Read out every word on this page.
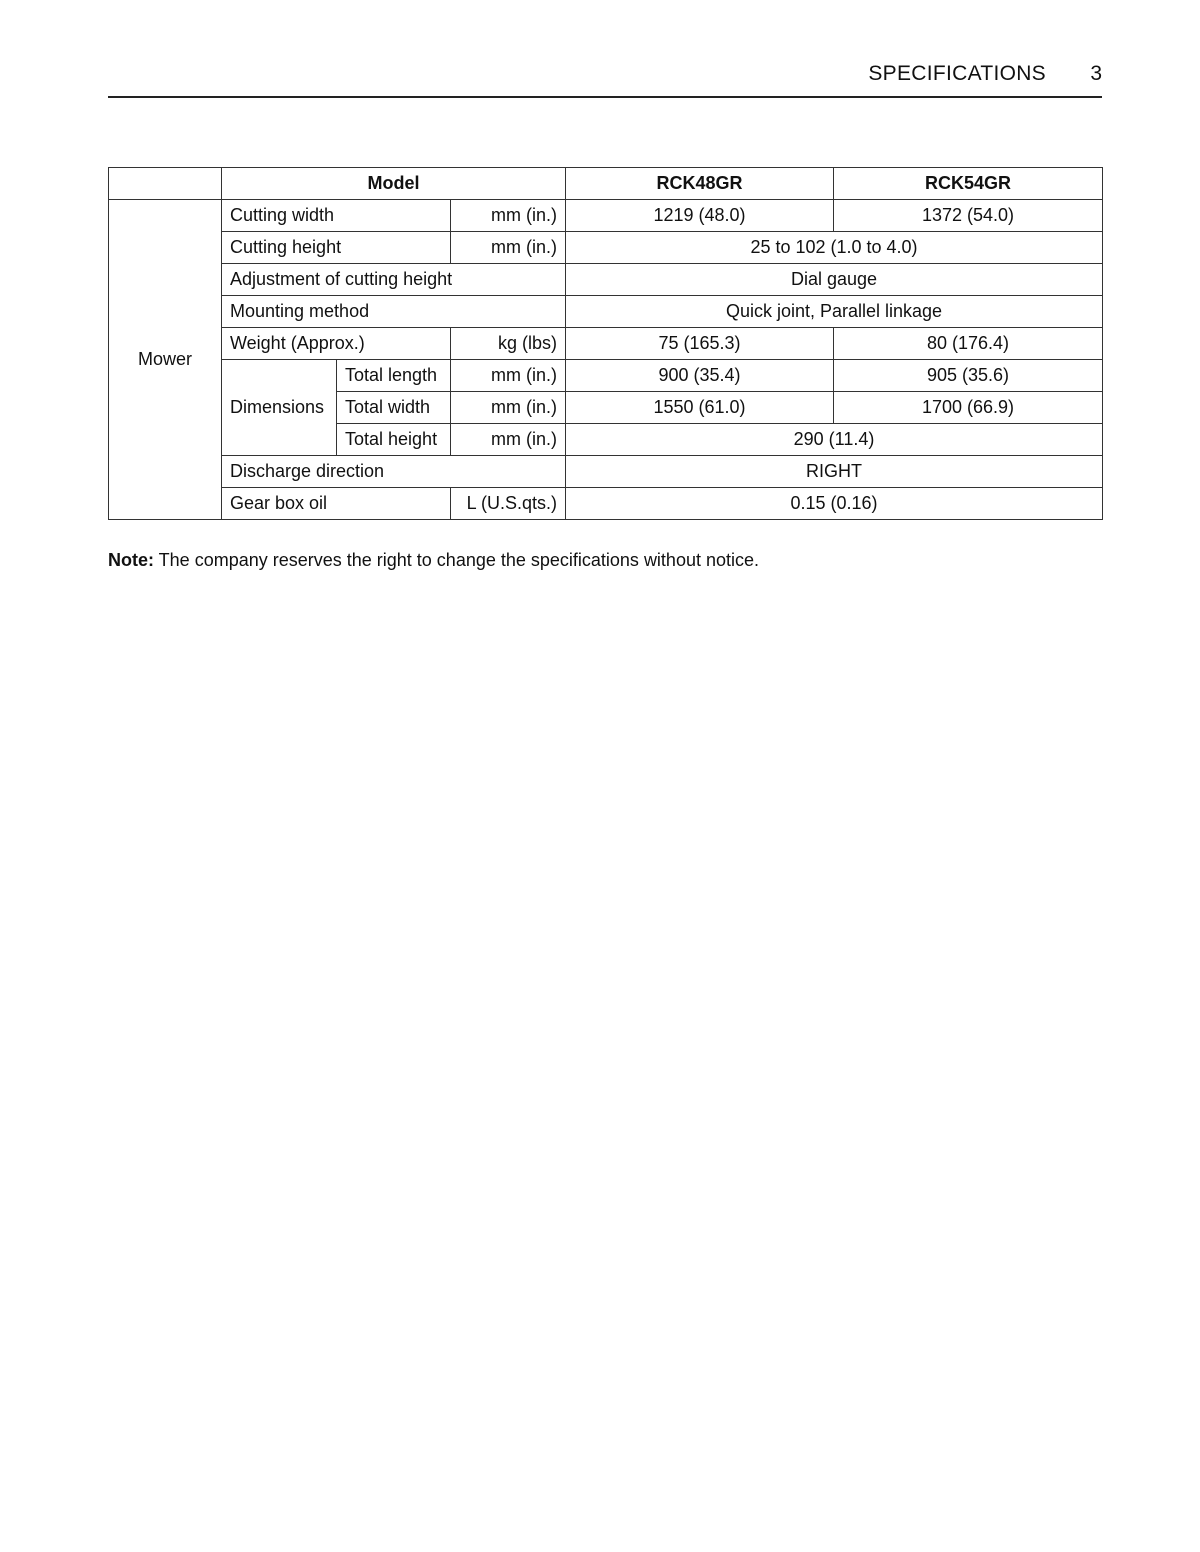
SPECIFICATIONS 3
	Model			RCK48GR	RCK54GR
Mower	Cutting width		mm (in.)	1219 (48.0)	1372 (54.0)
	Cutting height		mm (in.)	25 to 102 (1.0 to 4.0)	
	Adjustment of cutting height			Dial gauge	
	Mounting method			Quick joint, Parallel linkage	
	Weight (Approx.)		kg (lbs)	75 (165.3)	80 (176.4)
	Dimensions	Total length	mm (in.)	900 (35.4)	905 (35.6)
		Total width	mm (in.)	1550 (61.0)	1700 (66.9)
		Total height	mm (in.)	290 (11.4)	
	Discharge direction			RIGHT	
	Gear box oil		L (U.S.qts.)	0.15 (0.16)	
Note: The company reserves the right to change the specifications without notice.
